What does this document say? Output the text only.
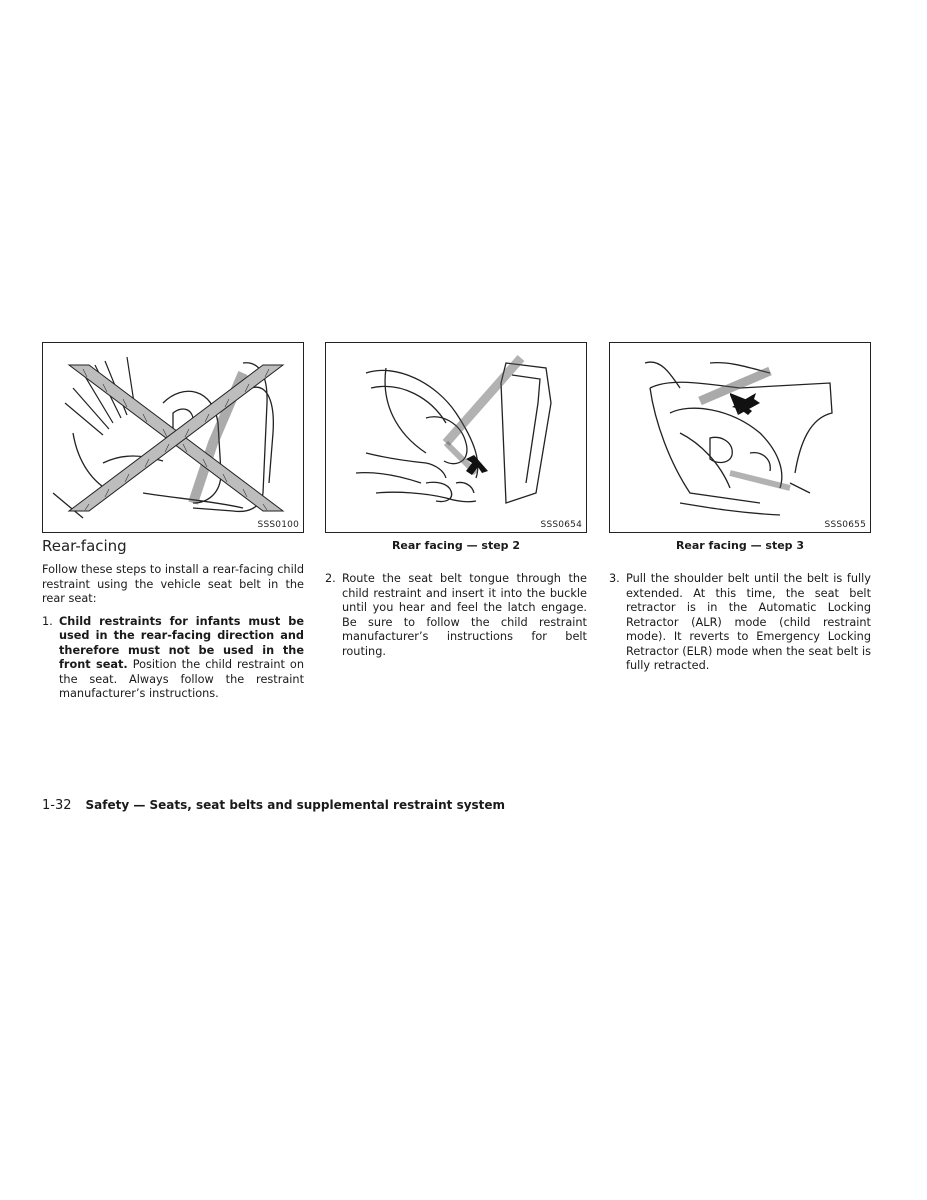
SSS0100
Rear-facing
Follow these steps to install a rear-facing child restraint using the vehicle seat belt in the rear seat:
1. Child restraints for infants must be used in the rear-facing direction and therefore must not be used in the front seat. Position the child restraint on the seat. Always follow the restraint manufacturer’s instructions.
SSS0654
Rear facing — step 2
2. Route the seat belt tongue through the child restraint and insert it into the buckle until you hear and feel the latch engage. Be sure to follow the child restraint manufacturer’s instructions for belt routing.
SSS0655
Rear facing — step 3
3. Pull the shoulder belt until the belt is fully extended. At this time, the seat belt retractor is in the Automatic Locking Retractor (ALR) mode (child restraint mode). It reverts to Emergency Locking Retractor (ELR) mode when the seat belt is fully retracted.
1-32 Safety — Seats, seat belts and supplemental restraint system
